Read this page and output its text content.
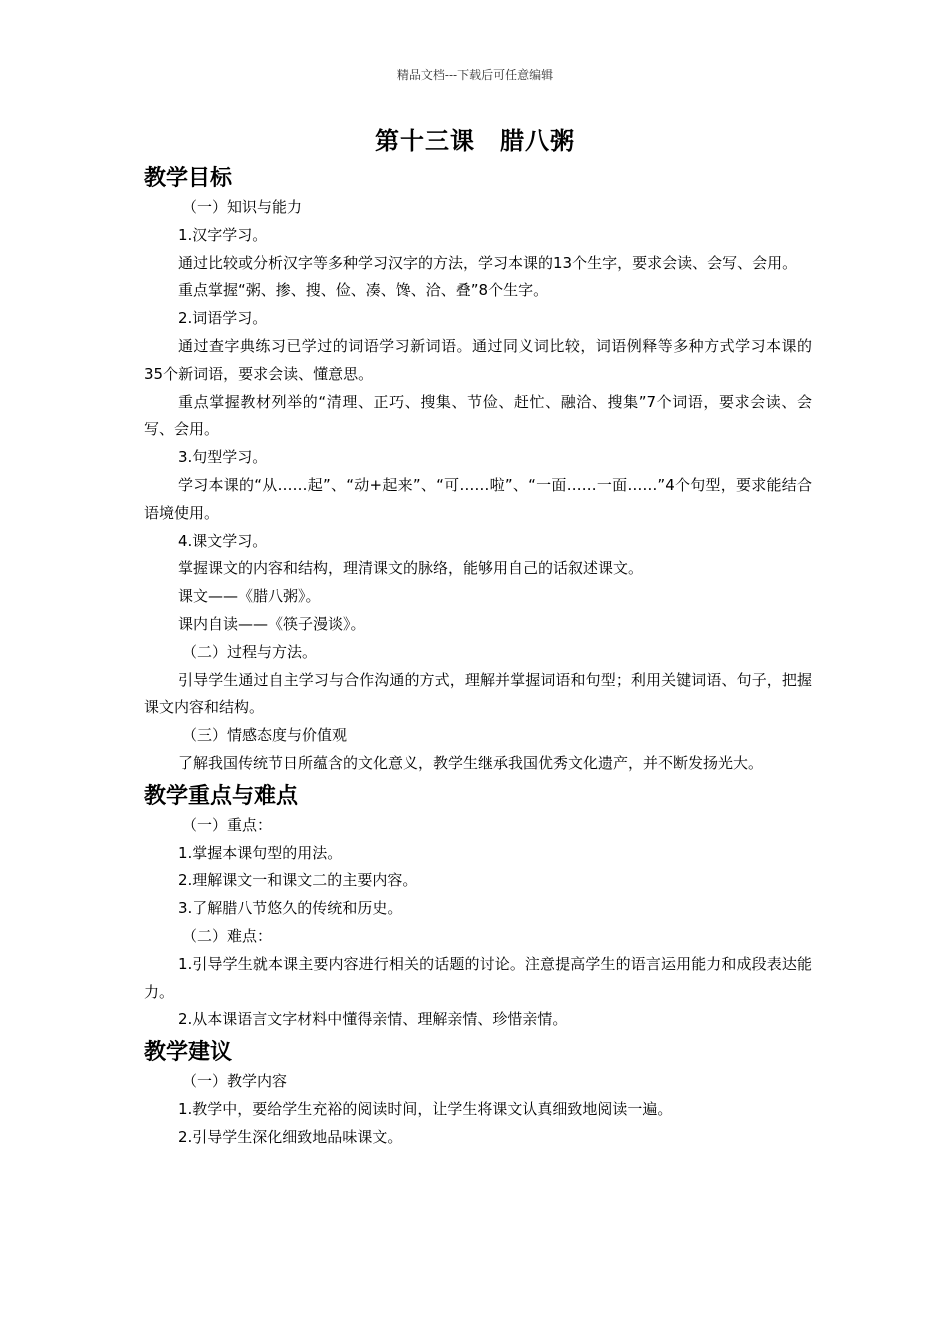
精品文档---下载后可任意编辑
第十三课　腊八粥
教学目标

（一）知识与能力

1.汉字学习。

通过比较或分析汉字等多种学习汉字的方法，学习本课的13个生字，要求会读、会写、会用。

重点掌握“粥、掺、搜、俭、凑、馋、洽、叠”8个生字。

2.词语学习。

通过查字典练习已学过的词语学习新词语。通过同义词比较，词语例释等多种方式学习本课的35个新词语，要求会读、懂意思。

重点掌握教材列举的“清理、正巧、搜集、节俭、赶忙、融洽、搜集”7个词语，要求会读、会写、会用。

3.句型学习。

学习本课的“从……起”、“动+起来”、“可……啦”、“一面……一面……”4个句型，要求能结合语境使用。

4.课文学习。

掌握课文的内容和结构，理清课文的脉络，能够用自己的话叙述课文。

课文——《腊八粥》。

课内自读——《筷子漫谈》。

（二）过程与方法。

引导学生通过自主学习与合作沟通的方式，理解并掌握词语和句型；利用关键词语、句子，把握课文内容和结构。

（三）情感态度与价值观

了解我国传统节日所蕴含的文化意义，教学生继承我国优秀文化遗产，并不断发扬光大。

教学重点与难点

（一）重点：

1.掌握本课句型的用法。

2.理解课文一和课文二的主要内容。

3.了解腊八节悠久的传统和历史。

（二）难点：

1.引导学生就本课主要内容进行相关的话题的讨论。注意提高学生的语言运用能力和成段表达能力。

2.从本课语言文字材料中懂得亲情、理解亲情、珍惜亲情。

教学建议

（一）教学内容

1.教学中，要给学生充裕的阅读时间，让学生将课文认真细致地阅读一遍。

2.引导学生深化细致地品味课文。
